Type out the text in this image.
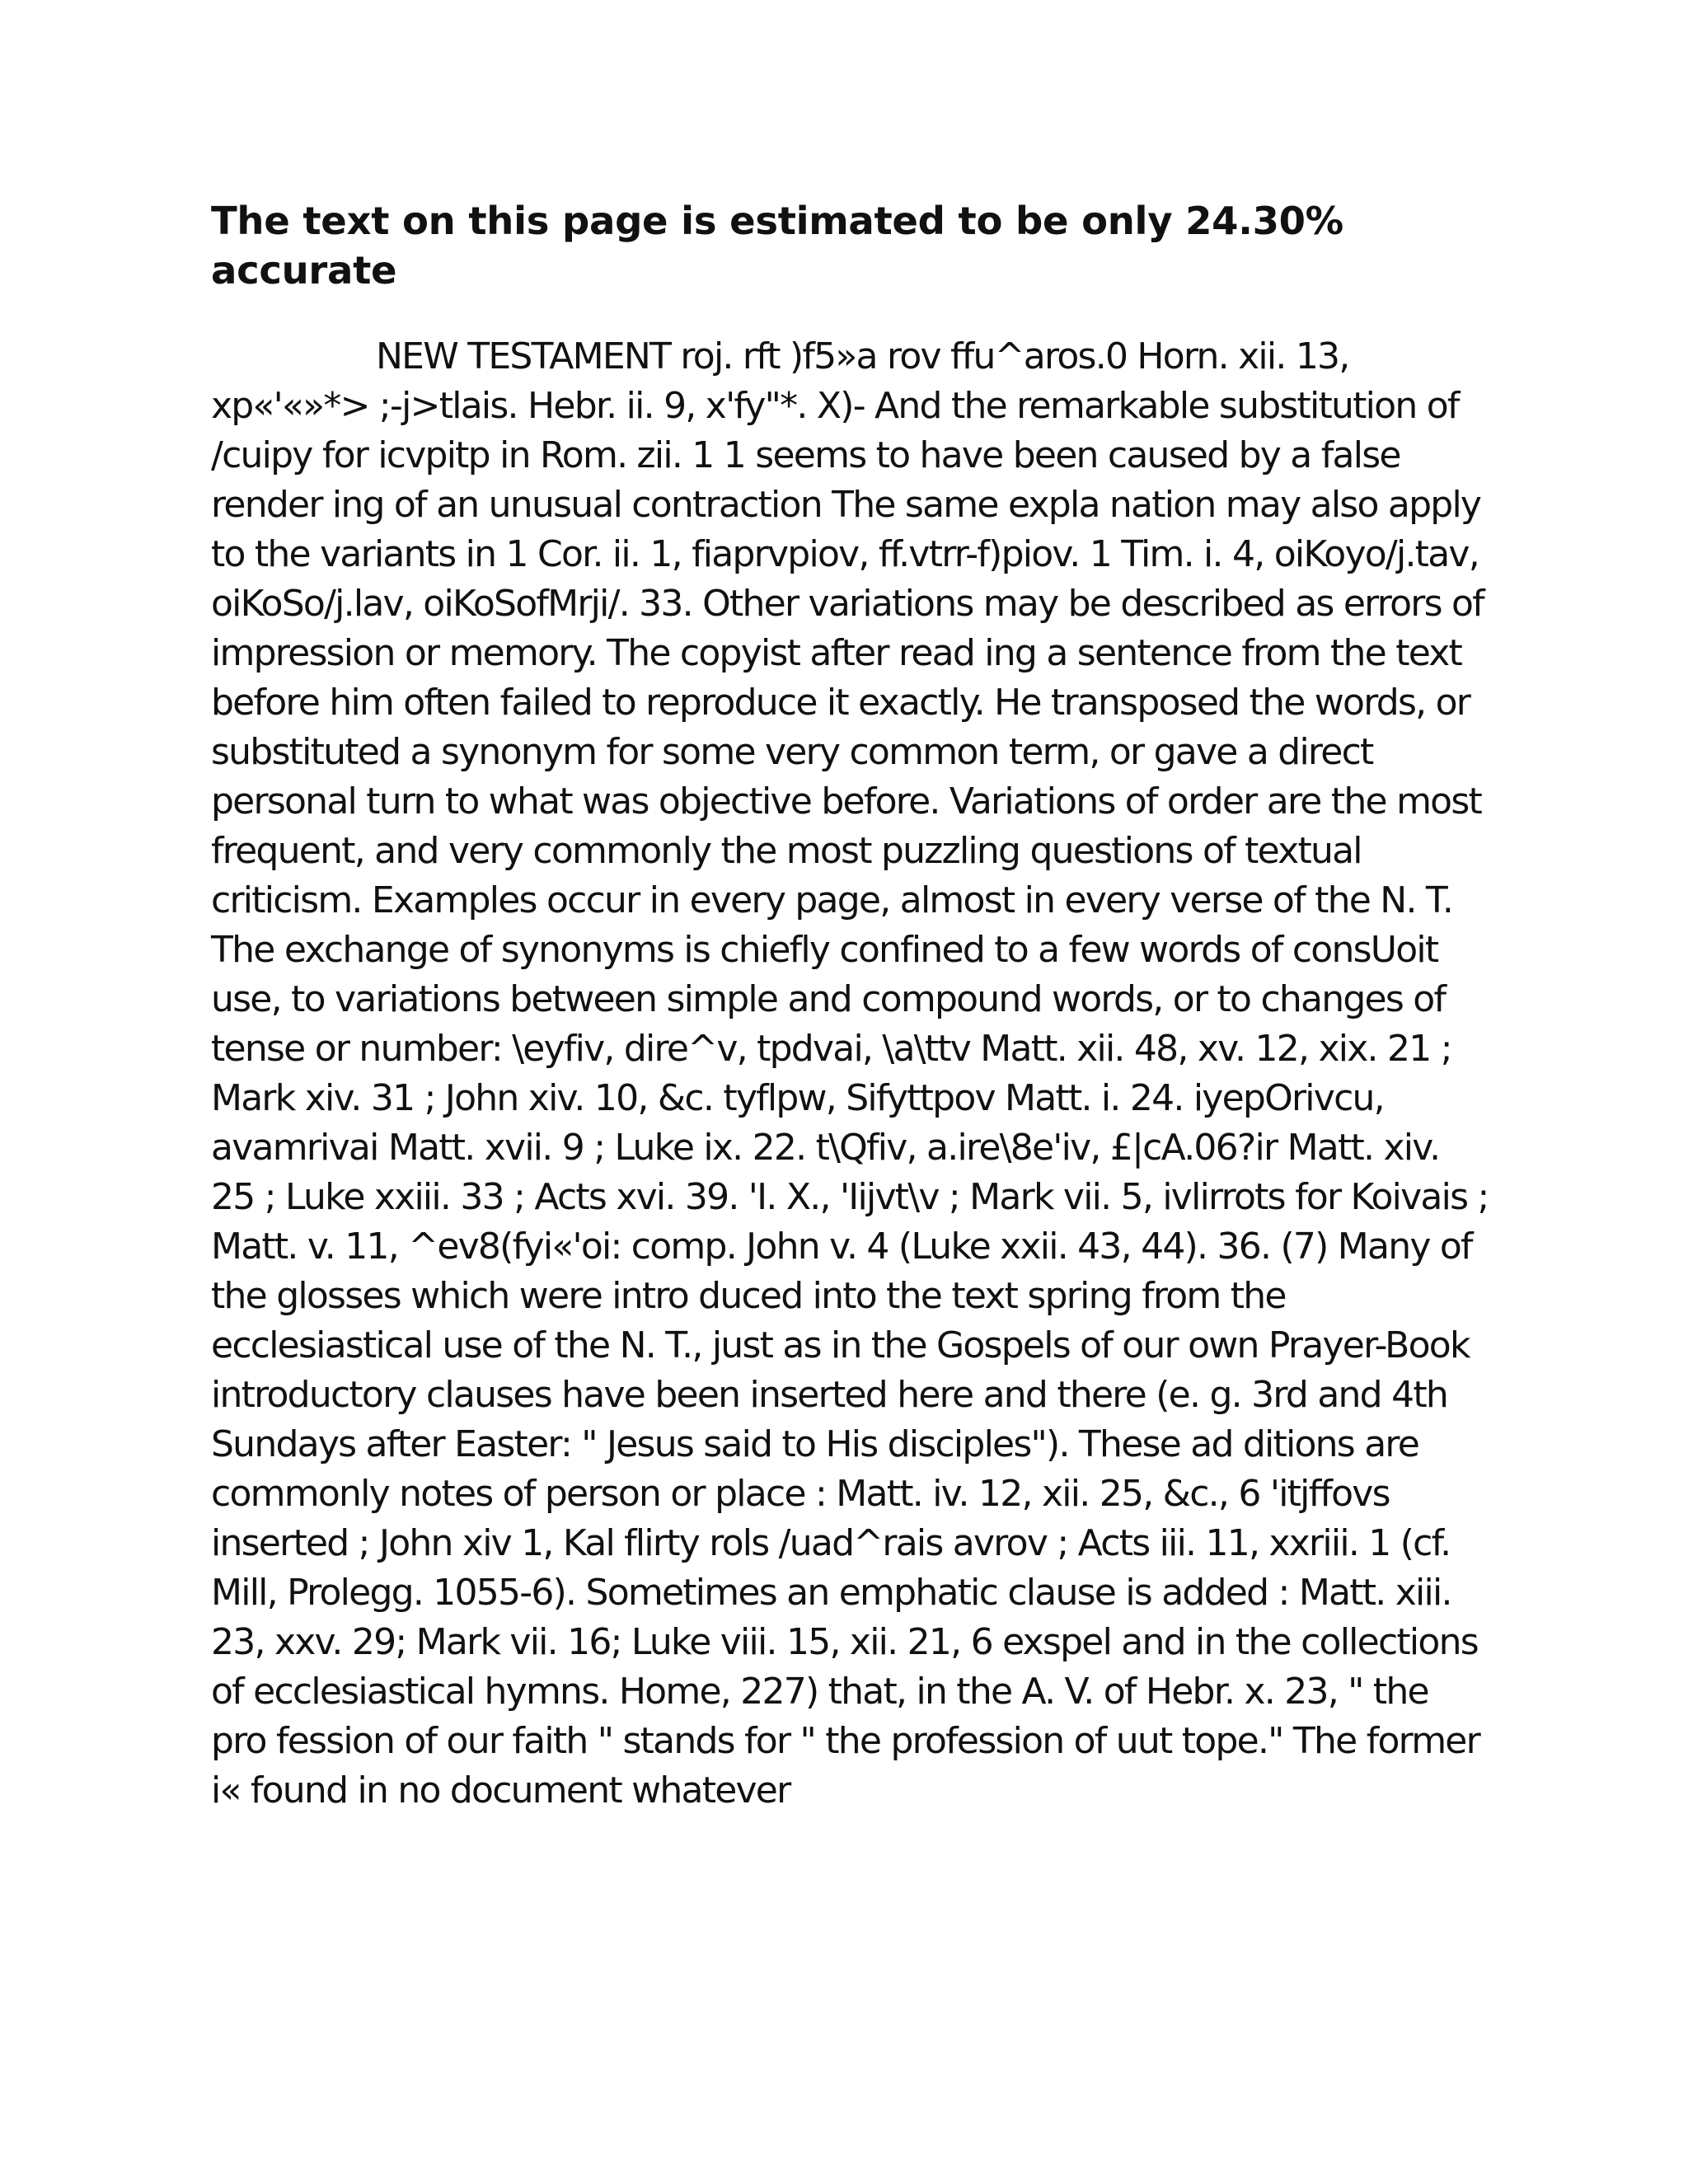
The text on this page is estimated to be only 24.30% accurate

NEW TESTAMENT roj. rft )f5»a rov ffu^aros.0 Horn. xii. 13, xp«'«»*> ;-j>tlais. Hebr. ii. 9, x'fy"*. X)- And the remarkable substitution of /cuipy for icvpitp in Rom. zii. 1 1 seems to have been caused by a false render ing of an unusual contraction The same expla nation may also apply to the variants in 1 Cor. ii. 1, fiaprvpiov, ff.vtrr-f)piov. 1 Tim. i. 4, oiKoyo/j.tav, oiKoSo/j.lav, oiKoSofMrji/. 33. Other variations may be described as errors of impression or memory. The copyist after read ing a sentence from the text before him often failed to reproduce it exactly. He transposed the words, or substituted a synonym for some very common term, or gave a direct personal turn to what was objective before. Variations of order are the most frequent, and very commonly the most puzzling questions of textual criticism. Examples occur in every page, almost in every verse of the N. T. The exchange of synonyms is chiefly confined to a few words of consUoit use, to variations between simple and compound words, or to changes of tense or number: \eyfiv, dire^v, tpdvai, \a\ttv Matt. xii. 48, xv. 12, xix. 21 ; Mark xiv. 31 ; John xiv. 10, &c. tyflpw, Sifyttpov Matt. i. 24. iyepOrivcu, avamrivai Matt. xvii. 9 ; Luke ix. 22. t\Qfiv, a.ire\8e'iv, £|cA.06?ir Matt. xiv. 25 ; Luke xxiii. 33 ; Acts xvi. 39. 'I. X., 'Iijvt\v ; Mark vii. 5, ivlirrots for Koivais ; Matt. v. 11, ^ev8(fyi«'oi: comp. John v. 4 (Luke xxii. 43, 44). 36. (7) Many of the glosses which were intro duced into the text spring from the ecclesiastical use of the N. T., just as in the Gospels of our own Prayer-Book introductory clauses have been inserted here and there (e. g. 3rd and 4th Sundays after Easter: " Jesus said to His disciples"). These ad ditions are commonly notes of person or place : Matt. iv. 12, xii. 25, &c., 6 'itjffovs inserted ; John xiv 1, Kal flirty rols /uad^rais avrov ; Acts iii. 11, xxriii. 1 (cf. Mill, Prolegg. 1055-6). Sometimes an emphatic clause is added : Matt. xiii. 23, xxv. 29; Mark vii. 16; Luke viii. 15, xii. 21, 6 exspel and in the collections of ecclesiastical hymns. Home, 227) that, in the A. V. of Hebr. x. 23, " the pro fession of our faith " stands for " the profession of uut tope." The former i« found in no document whatever
